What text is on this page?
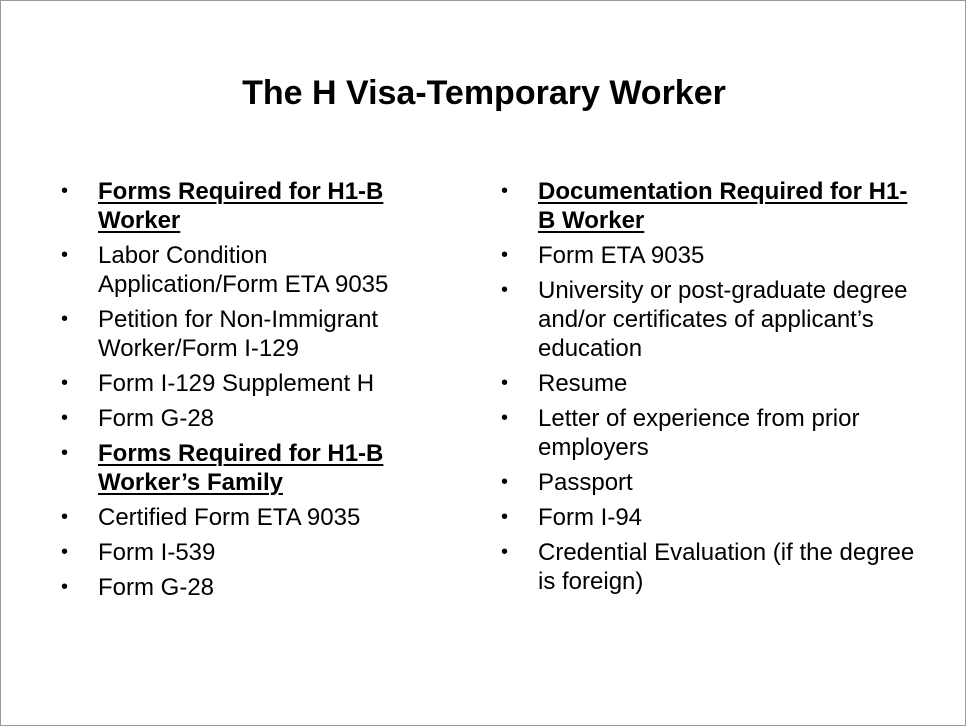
The H Visa-Temporary Worker
•	Forms Required for H1-B Worker
•	Labor Condition Application/Form ETA 9035
•	Petition for Non-Immigrant Worker/Form I-129
•	Form I-129 Supplement H
•	Form G-28
•	Forms Required for H1-B Worker’s Family
•	Certified Form ETA 9035
•	Form I-539
•	Form G-28
•	Documentation Required for H1-B Worker
•	Form ETA 9035
•	University or post-graduate degree and/or certificates of applicant’s education
•	Resume
•	Letter of experience from prior employers
•	Passport
•	Form I-94
•	Credential Evaluation (if the degree is foreign)
